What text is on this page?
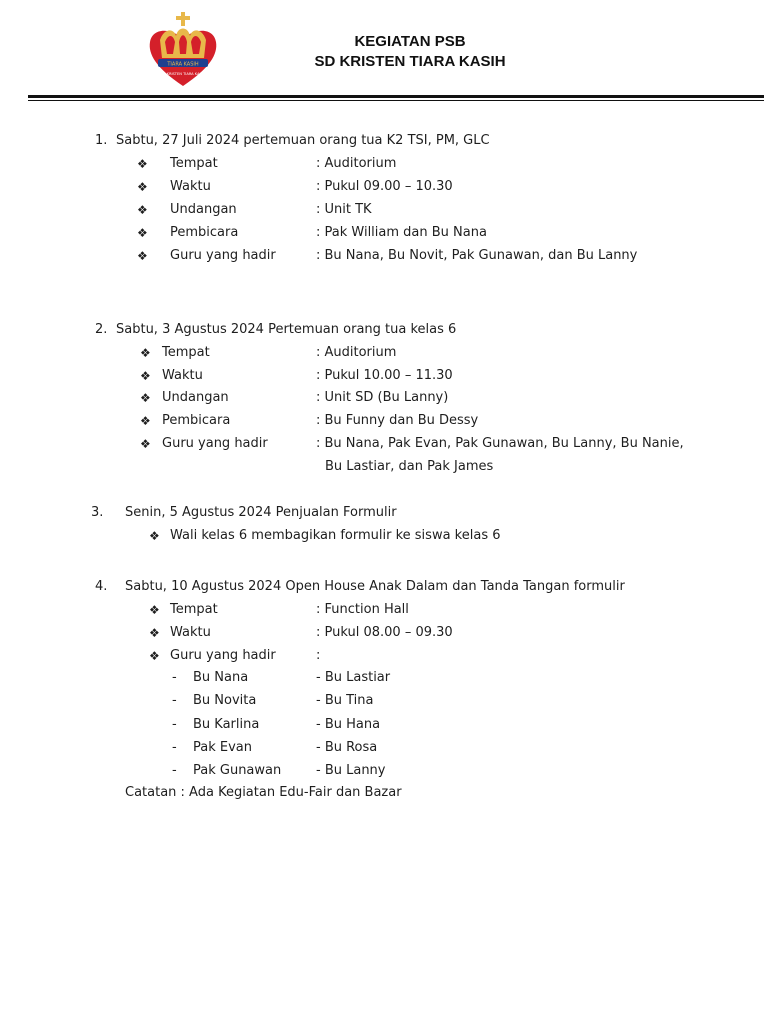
TIARA KASIH
SD KRISTEN TIARA KASIH
KEGIATAN PSB
SD KRISTEN TIARA KASIH
1. Sabtu, 27 Juli 2024 pertemuan orang tua K2 TSI, PM, GLC
❖ Tempat	: Auditorium
❖ Waktu	: Pukul 09.00 – 10.30
❖ Undangan	: Unit TK
❖ Pembicara	: Pak William dan Bu Nana
❖ Guru yang hadir	: Bu Nana, Bu Novit, Pak Gunawan, dan Bu Lanny
2. Sabtu, 3 Agustus 2024 Pertemuan orang tua kelas 6
❖ Tempat	: Auditorium
❖ Waktu	: Pukul 10.00 – 11.30
❖ Undangan	: Unit SD (Bu Lanny)
❖ Pembicara	: Bu Funny dan Bu Dessy
❖ Guru yang hadir	: Bu Nana, Pak Evan, Pak Gunawan, Bu Lanny, Bu Nanie,
Bu Lastiar, dan Pak James
3. Senin, 5 Agustus 2024 Penjualan Formulir
❖ Wali kelas 6 membagikan formulir ke siswa kelas 6
4. Sabtu, 10 Agustus 2024 Open House Anak Dalam dan Tanda Tangan formulir
❖ Tempat	: Function Hall
❖ Waktu	: Pukul 08.00 – 09.30
❖ Guru yang hadir	:
- Bu Nana	- Bu Lastiar
- Bu Novita	- Bu Tina
- Bu Karlina	- Bu Hana
- Pak Evan	- Bu Rosa
- Pak Gunawan	- Bu Lanny
Catatan : Ada Kegiatan Edu-Fair dan Bazar
